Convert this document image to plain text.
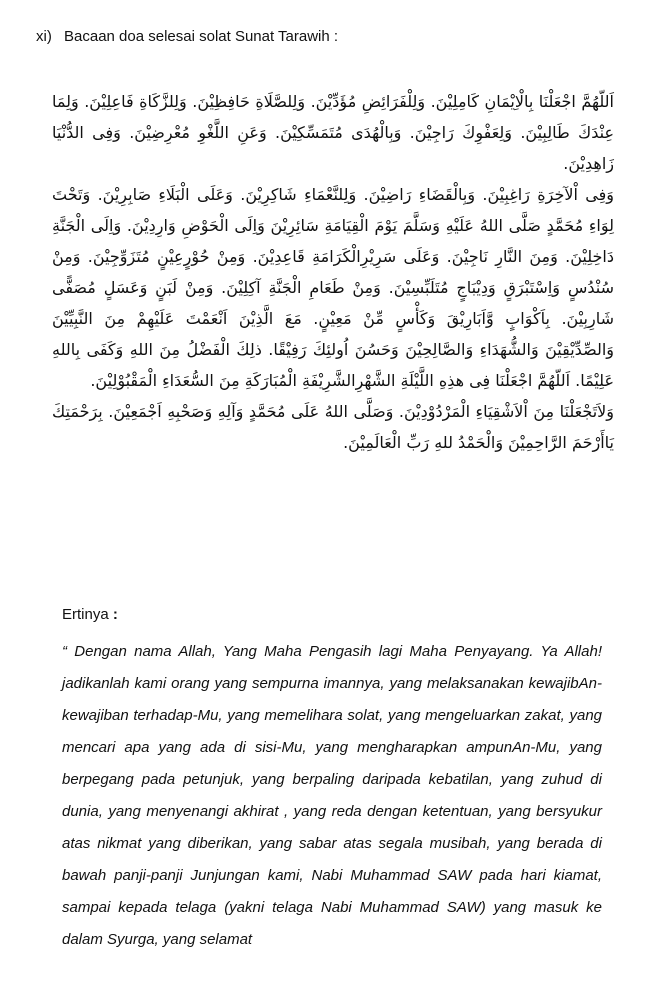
xi) Bacaan doa selesai solat Sunat Tarawih :

اَللّهُمَّ اجْعَلْنَا بِالْاِيْمَانِ كَامِلِيْنَ. وَلِلْفَرَائِضِ مُؤَدِّيْنَ. وَلِلصَّلَاةِ حَافِظِيْنَ. وَلِلزَّكَاةِ فَاعِلِيْنَ. وَلِمَا عِنْدَكَ طَالِبِيْنَ. وَلِعَفْوِكَ رَاجِيْنَ. وَبِالْهُدَى مُتَمَسِّكِيْنَ. وَعَنِ اللَّغْوِ مُعْرِضِيْنَ. وَفِى الدُّنْيَا زَاهِدِيْنَ.

وَفِى اْلآخِرَةِ رَاغِبِيْنَ. وَبِالْقَضَاءِ رَاضِيْنَ. وَلِلنَّعْمَاءِ شَاكِرِيْنَ. وَعَلَى الْبَلَاءِ صَابِرِيْنَ. وَتَحْتَ لِوَاءِ مُحَمَّدٍ صَلَّى اللهُ عَلَيْهِ وَسَلَّمَ يَوْمَ الْقِيَامَةِ سَائِرِيْنَ وَاِلَى الْحَوْضِ وَارِدِيْنَ. وَاِلَى الْجَنَّةِ دَاخِلِيْنَ. وَمِنَ النَّارِ نَاجِيْنَ. وَعَلَى سَرِيْرِالْكَرَامَةِ قَاعِدِيْنَ. وَمِنْ حُوْرٍعِيْنٍ مُتَزَوِّجِيْنَ. وَمِنْ سُنْدُسٍ وَاِسْتَبْرَقٍ وَدِيْبَاجٍ مُتَلَبِّسِيْنَ. وَمِنْ طَعَامِ الْجَنَّةِ آكِلِيْنَ. وَمِنْ لَبَنٍ وَعَسَلٍ مُصَفًّى شَارِبِيْنَ. بِاَكْوَابٍ وَّاَبَارِيْقَ وَكَأْسٍ مِّنْ مَعِيْنٍ. مَعَ الَّذِيْنَ اَنْعَمْتَ عَلَيْهِمْ مِنَ النَّبِيِّيْنَ وَالصِّدِّيْقِيْنَ وَالشُّهَدَاءِ وَالصَّالِحِيْنَ وَحَسُنَ اُولئِكَ رَفِيْقًا. ذلِكَ الْفَضْلُ مِنَ اللهِ وَكَفَى بِاللهِ عَلِيْمًا. اَللّهُمَّ اجْعَلْنَا فِى هذِهِ اللَّيْلَةِ الشَّهْرِالشَّرِيْفَةِ الْمُبَارَكَةِ مِنَ السُّعَدَاءِ الْمَقْبُوْلِيْنَ.

وَلاَتَجْعَلْنَا مِنَ اْلاَشْقِيَاءِ الْمَرْدُوْدِيْنَ. وَصَلَّى اللهُ عَلَى مُحَمَّدٍ وَآلِهِ وَصَحْبِهِ اَجْمَعِيْنَ. بِرَحْمَتِكَ يَاأَرْحَمَ الرَّاحِمِيْنَ وَالْحَمْدُ للهِ رَبِّ الْعَالَمِيْنَ.

Ertinya :
“ Dengan nama Allah, Yang Maha Pengasih lagi Maha Penyayang. Ya Allah! jadikanlah kami orang yang sempurna imannya, yang melaksanakan kewajibAn-kewajiban terhadap-Mu, yang memelihara solat, yang mengeluarkan zakat, yang mencari apa yang ada di sisi-Mu, yang mengharapkan ampunAn-Mu, yang berpegang pada petunjuk, yang berpaling daripada kebatilan, yang zuhud di dunia, yang menyenangi akhirat , yang reda dengan ketentuan, yang bersyukur atas nikmat yang diberikan, yang sabar atas segala musibah, yang berada di bawah panji-panji Junjungan kami, Nabi Muhammad SAW pada hari kiamat, sampai kepada telaga (yakni telaga Nabi Muhammad SAW) yang masuk ke dalam Syurga, yang selamat
